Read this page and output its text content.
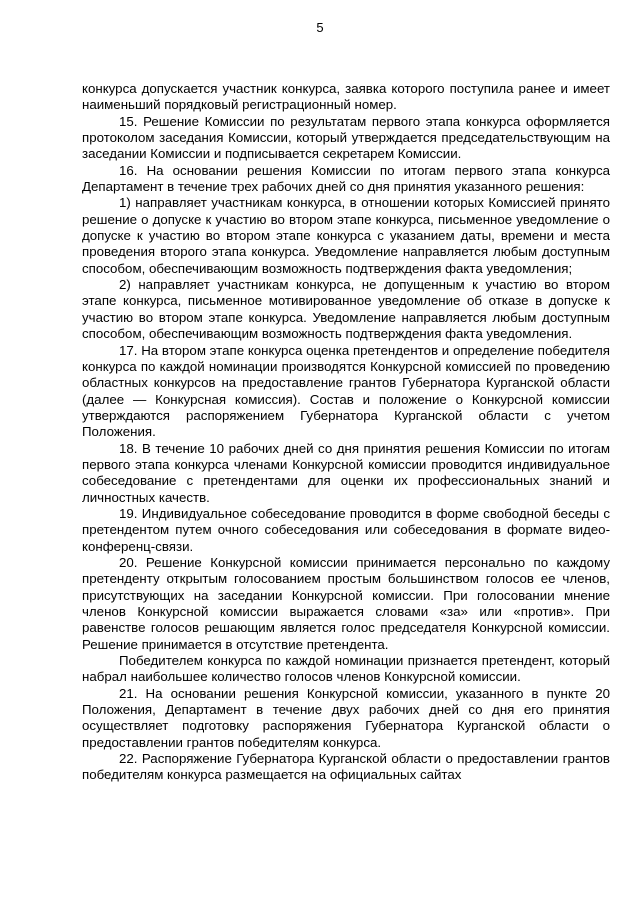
5

конкурса допускается участник конкурса, заявка которого поступила ранее и имеет наименьший порядковый регистрационный номер.

15. Решение Комиссии по результатам первого этапа конкурса оформляется протоколом заседания Комиссии, который утверждается председательствующим на заседании Комиссии и подписывается секретарем Комиссии.

16. На основании решения Комиссии по итогам первого этапа конкурса Департамент в течение трех рабочих дней со дня принятия указанного решения:

1) направляет участникам конкурса, в отношении которых Комиссией принято решение о допуске к участию во втором этапе конкурса, письменное уведомление о допуске к участию во втором этапе конкурса с указанием даты, времени и места проведения второго этапа конкурса. Уведомление направляется любым доступным способом, обеспечивающим возможность подтверждения факта уведомления;

2) направляет участникам конкурса, не допущенным к участию во втором этапе конкурса, письменное мотивированное уведомление об отказе в допуске к участию во втором этапе конкурса. Уведомление направляется любым доступным способом, обеспечивающим возможность подтверждения факта уведомления.

17. На втором этапе конкурса оценка претендентов и определение победителя конкурса по каждой номинации производятся Конкурсной комиссией по проведению областных конкурсов на предоставление грантов Губернатора Курганской области (далее — Конкурсная комиссия). Состав и положение о Конкурсной комиссии утверждаются распоряжением Губернатора Курганской области с учетом Положения.

18. В течение 10 рабочих дней со дня принятия решения Комиссии по итогам первого этапа конкурса членами Конкурсной комиссии проводится индивидуальное собеседование с претендентами для оценки их профессиональных знаний и личностных качеств.

19. Индивидуальное собеседование проводится в форме свободной беседы с претендентом путем очного собеседования или собеседования в формате видео-конференц-связи.

20. Решение Конкурсной комиссии принимается персонально по каждому претенденту открытым голосованием простым большинством голосов ее членов, присутствующих на заседании Конкурсной комиссии. При голосовании мнение членов Конкурсной комиссии выражается словами «за» или «против». При равенстве голосов решающим является голос председателя Конкурсной комиссии. Решение принимается в отсутствие претендента.

Победителем конкурса по каждой номинации признается претендент, который набрал наибольшее количество голосов членов Конкурсной комиссии.

21. На основании решения Конкурсной комиссии, указанного в пункте 20 Положения, Департамент в течение двух рабочих дней со дня его принятия осуществляет подготовку распоряжения Губернатора Курганской области о предоставлении грантов победителям конкурса.

22. Распоряжение Губернатора Курганской области о предоставлении грантов победителям конкурса размещается на официальных сайтах
